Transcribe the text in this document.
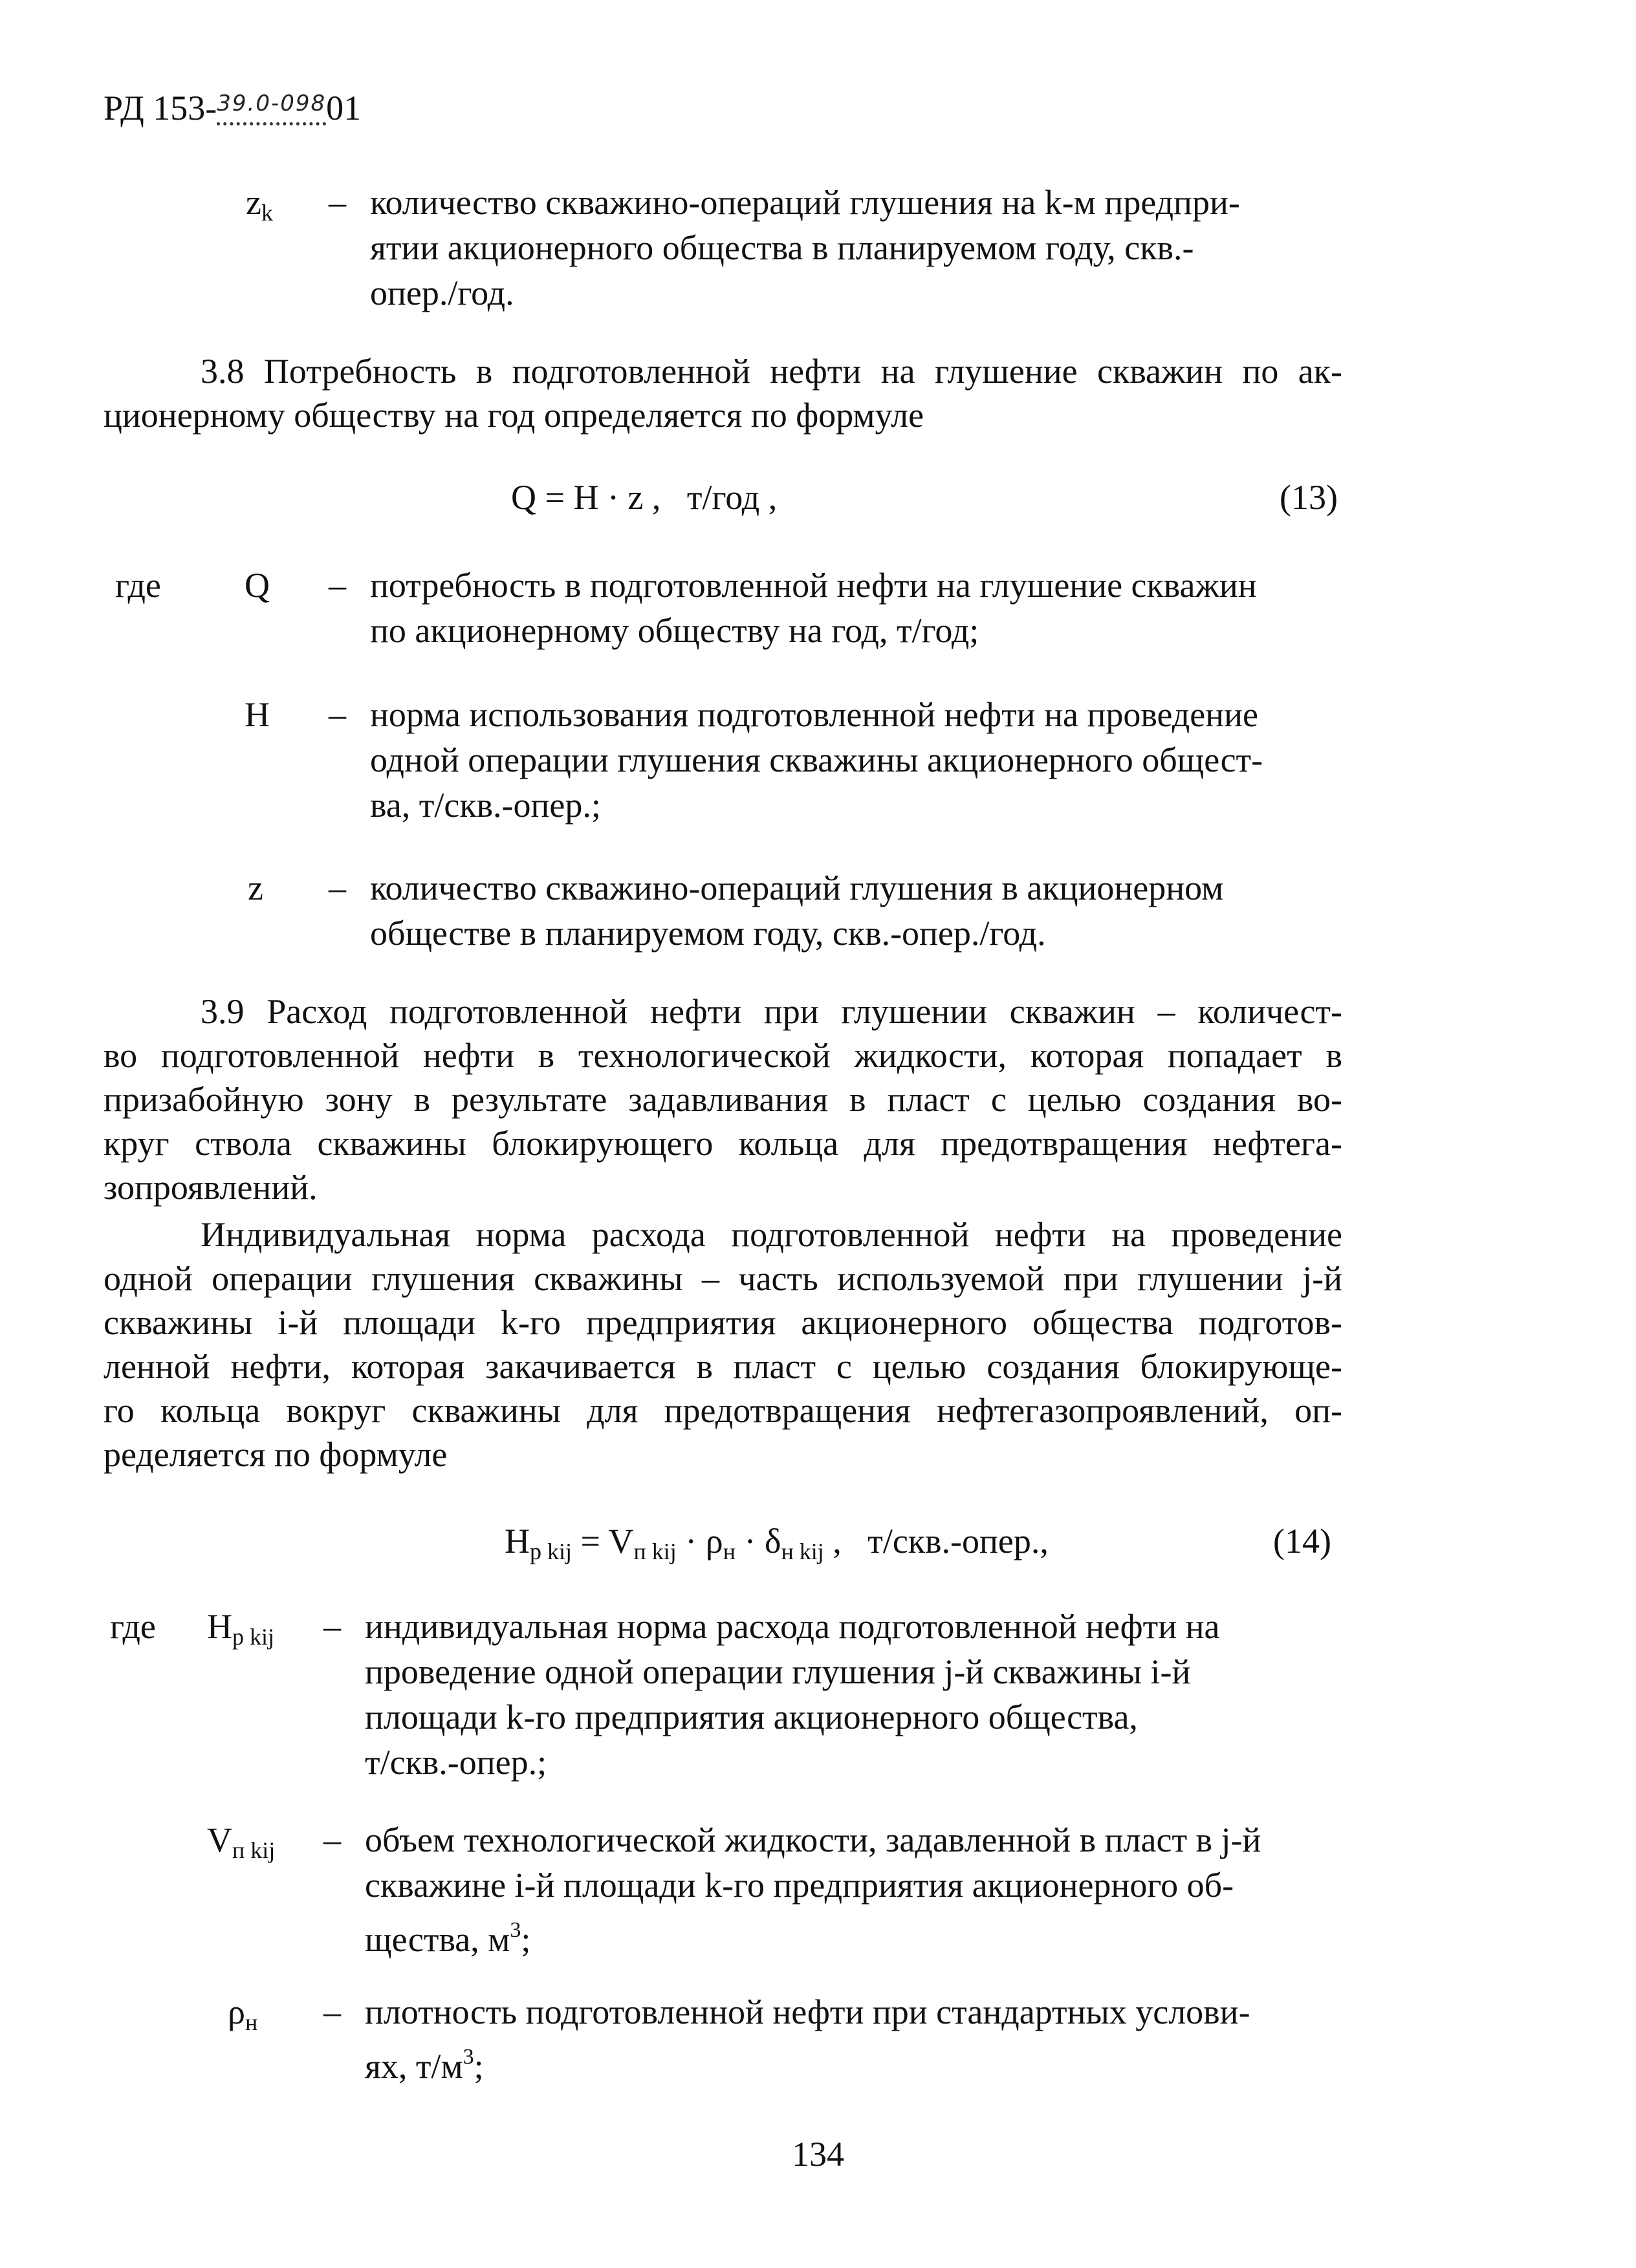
РД 153-$^{39.0-098}$
01
$z_k$ – количество скважино-операций глушения на k-м предпри-
ятии акционерного общества в планируемом году, скв.-
опер./год.
3.8 Потребность в подготовленной нефти на глушение скважин по ак-
ционерному обществу на год определяется по формуле
Q = H · z , т/год ,	(13)
где Q – потребность в подготовленной нефти на глушение скважин
по акционерному обществу на год, т/год;
H – норма использования подготовленной нефти на проведение
одной операции глушения скважины акционерного общест-
ва, т/скв.-опер.;
z – количество скважино-операций глушения в акционерном
обществе в планируемом году, скв.-опер./год.
3.9 Расход подготовленной нефти при глушении скважин – количест-
во подготовленной нефти в технологической жидкости, которая попадает в
призабойную зону в результате задавливания в пласт с целью создания во-
круг ствола скважины блокирующего кольца для предотвращения нефтега-
зопроявлений.
Индивидуальная норма расхода подготовленной нефти на проведение
одной операции глушения скважины – часть используемой при глушении j-й
скважины i-й площади k-го предприятия акционерного общества подготов-
ленной нефти, которая закачивается в пласт с целью создания блокирующе-
го кольца вокруг скважины для предотвращения нефтегазопроявлений, оп-
ределяется по формуле
$H_{p kij} = V_{п kij} \cdot \rho_н \cdot \delta_{н kij}$ ,   т/скв.-опер.,	(14)
где $H_{p kij}$ – индивидуальная норма расхода подготовленной нефти на
проведение одной операции глушения j-й скважины i-й
площади k-го предприятия акционерного общества,
т/скв.-опер.;
$V_{п kij}$ – объем технологической жидкости, задавленной в пласт в j-й
скважине i-й площади k-го предприятия акционерного об-
щества, $м^3$;
$\rho_н$ – плотность подготовленной нефти при стандартных услови-
ях, $т/м^3$;
134
